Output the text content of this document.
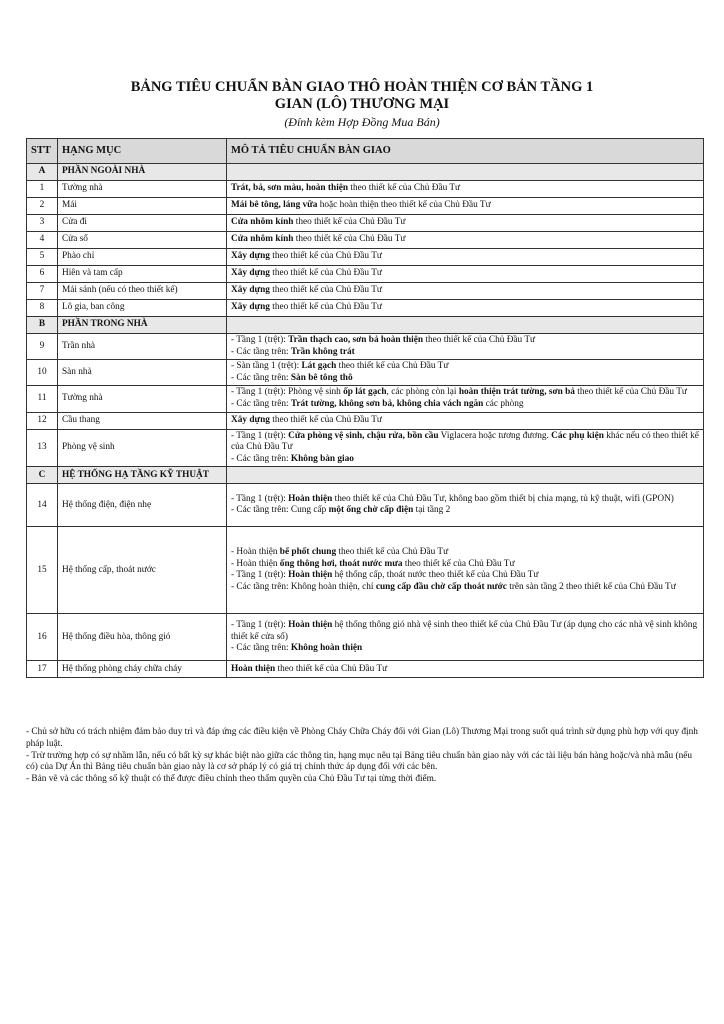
BẢNG TIÊU CHUẨN BÀN GIAO THÔ HOÀN THIỆN CƠ BẢN TẦNG 1
GIAN (LÔ) THƯƠNG MẠI
(Đính kèm Hợp Đồng Mua Bán)
STT	HẠNG MỤC	MÔ TẢ TIÊU CHUẨN BÀN GIAO
A	PHẦN NGOÀI NHÀ	
1	Tường nhà	Trát, bả, sơn màu, hoàn thiện theo thiết kế của Chủ Đầu Tư
2	Mái	Mái bê tông, láng vữa hoặc hoàn thiện theo thiết kế của Chủ Đầu Tư
3	Cửa đi	Cửa nhôm kính theo thiết kế của Chủ Đầu Tư
4	Cửa sổ	Cửa nhôm kính theo thiết kế của Chủ Đầu Tư
5	Phào chỉ	Xây dựng theo thiết kế của Chủ Đầu Tư
6	Hiên và tam cấp	Xây dựng theo thiết kế của Chủ Đầu Tư
7	Mái sảnh (nếu có theo thiết kế)	Xây dựng theo thiết kế của Chủ Đầu Tư
8	Lô gia, ban công	Xây dựng theo thiết kế của Chủ Đầu Tư
B	PHẦN TRONG NHÀ	
9	Trần nhà	- Tầng 1 (trệt): Trần thạch cao, sơn bả hoàn thiện theo thiết kế của Chủ Đầu Tư
- Các tầng trên: Trần không trát
10	Sàn nhà	- Sàn tầng 1 (trệt): Lát gạch theo thiết kế của Chủ Đầu Tư
- Các tầng trên: Sàn bê tông thô
11	Tường nhà	- Tầng 1 (trệt): Phòng vệ sinh ốp lát gạch, các phòng còn lại hoàn thiện trát tường, sơn bả theo thiết kế của Chủ Đầu Tư
- Các tầng trên: Trát tường, không sơn bả, không chia vách ngăn các phòng
12	Cầu thang	Xây dựng theo thiết kế của Chủ Đầu Tư
13	Phòng vệ sinh	- Tầng 1 (trệt): Cửa phòng vệ sinh, chậu rửa, bồn cầu Viglacera hoặc tương đương. Các phụ kiện khác nếu có theo thiết kế của Chủ Đầu Tư
- Các tầng trên: Không bàn giao
C	HỆ THỐNG HẠ TẦNG KỸ THUẬT	
14	Hệ thống điện, điện nhẹ	- Tầng 1 (trệt): Hoàn thiện theo thiết kế của Chủ Đầu Tư, không bao gồm thiết bị chia mạng, tủ kỹ thuật, wifi (GPON)
- Các tầng trên: Cung cấp một ống chờ cấp điện tại tầng 2
15	Hệ thống cấp, thoát nước	- Hoàn thiện bể phốt chung theo thiết kế của Chủ Đầu Tư
- Hoàn thiện ống thông hơi, thoát nước mưa theo thiết kế của Chủ Đầu Tư
- Tầng 1 (trệt): Hoàn thiện hệ thống cấp, thoát nước theo thiết kế của Chủ Đầu Tư
- Các tầng trên: Không hoàn thiện, chỉ cung cấp đầu chờ cấp thoát nước trên sàn tầng 2 theo thiết kế của Chủ Đầu Tư
16	Hệ thống điều hòa, thông gió	- Tầng 1 (trệt): Hoàn thiện hệ thống thông gió nhà vệ sinh theo thiết kế của Chủ Đầu Tư (áp dụng cho các nhà vệ sinh không thiết kế cửa sổ)
- Các tầng trên: Không hoàn thiện
17	Hệ thống phòng cháy chữa cháy	Hoàn thiện theo thiết kế của Chủ Đầu Tư

- Chủ sở hữu có trách nhiệm đảm bảo duy trì và đáp ứng các điều kiện về Phòng Cháy Chữa Cháy đối với Gian (Lô) Thương Mại trong suốt quá trình sử dụng phù hợp với quy định pháp luật.

- Trừ trường hợp có sự nhầm lẫn, nếu có bất kỳ sự khác biệt nào giữa các thông tin, hạng mục nêu tại Bảng tiêu chuẩn bàn giao này với các tài liệu bán hàng hoặc/và nhà mẫu (nếu có) của Dự Án thì Bảng tiêu chuẩn bàn giao này là cơ sở pháp lý có giá trị chính thức áp dụng đối với các bên.

- Bản vẽ và các thông số kỹ thuật có thể được điều chỉnh theo thẩm quyền của Chủ Đầu Tư tại từng thời điểm.
